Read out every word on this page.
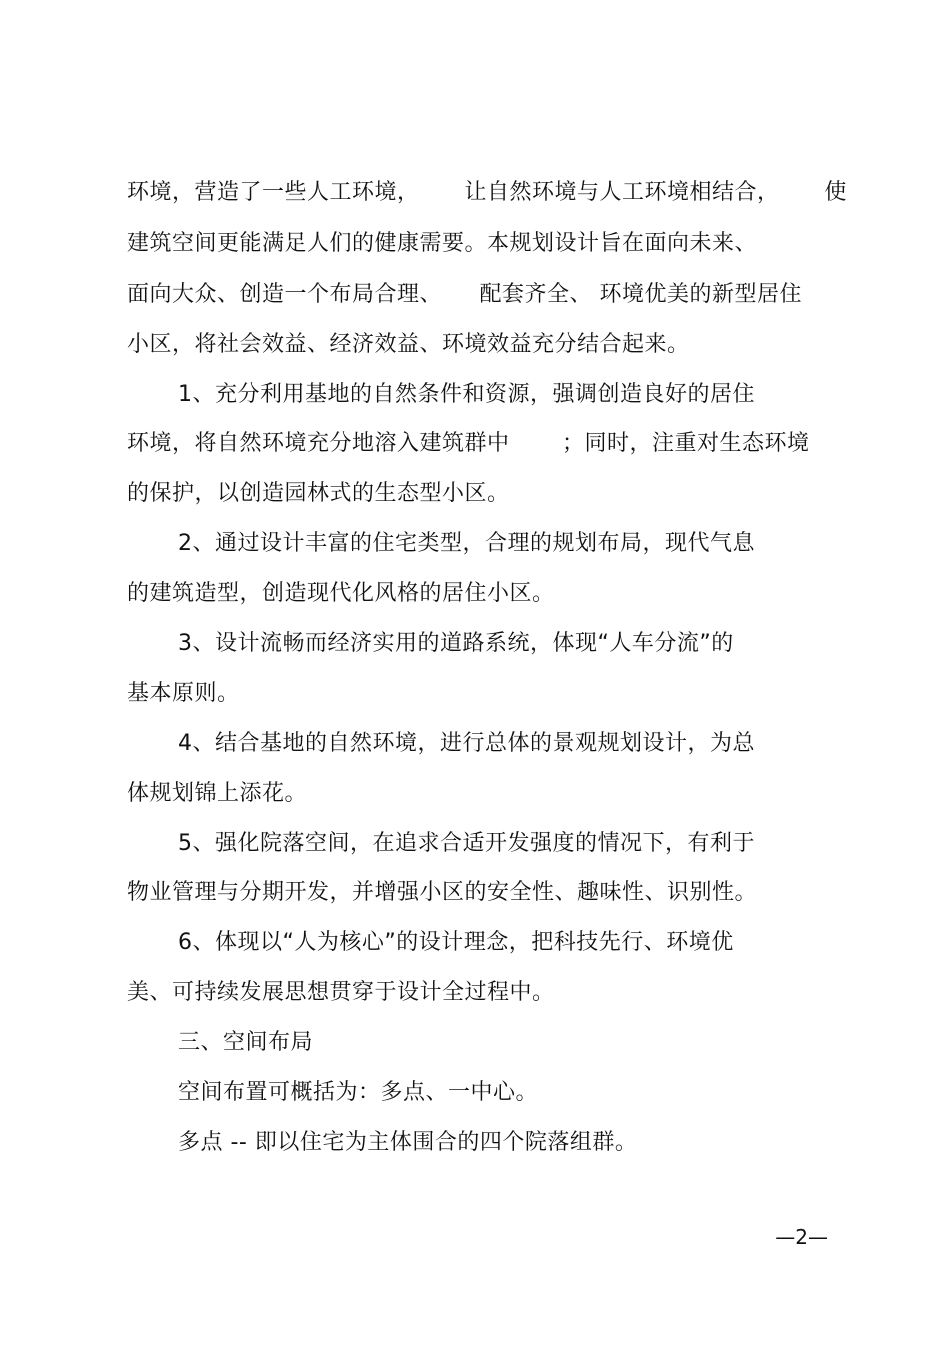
环境，营造了一些人工环境，      让自然环境与人工环境相结合，      使
建筑空间更能满足人们的健康需要。本规划设计旨在面向未来、
面向大众、创造一个布局合理、     配套齐全、 环境优美的新型居住
小区，将社会效益、经济效益、环境效益充分结合起来。
1、充分利用基地的自然条件和资源，强调创造良好的居住
环境，将自然环境充分地溶入建筑群中       ；同时，注重对生态环境
的保护，以创造园林式的生态型小区。
2、通过设计丰富的住宅类型，合理的规划布局，现代气息
的建筑造型，创造现代化风格的居住小区。
3、设计流畅而经济实用的道路系统，体现“人车分流”的
基本原则。
4、结合基地的自然环境，进行总体的景观规划设计，为总
体规划锦上添花。
5、强化院落空间，在追求合适开发强度的情况下，有利于
物业管理与分期开发，并增强小区的安全性、趣味性、识别性。
6、体现以“人为核心”的设计理念，把科技先行、环境优
美、可持续发展思想贯穿于设计全过程中。
三、空间布局
空间布置可概括为：多点、一中心。
多点 -- 即以住宅为主体围合的四个院落组群。
—2—
